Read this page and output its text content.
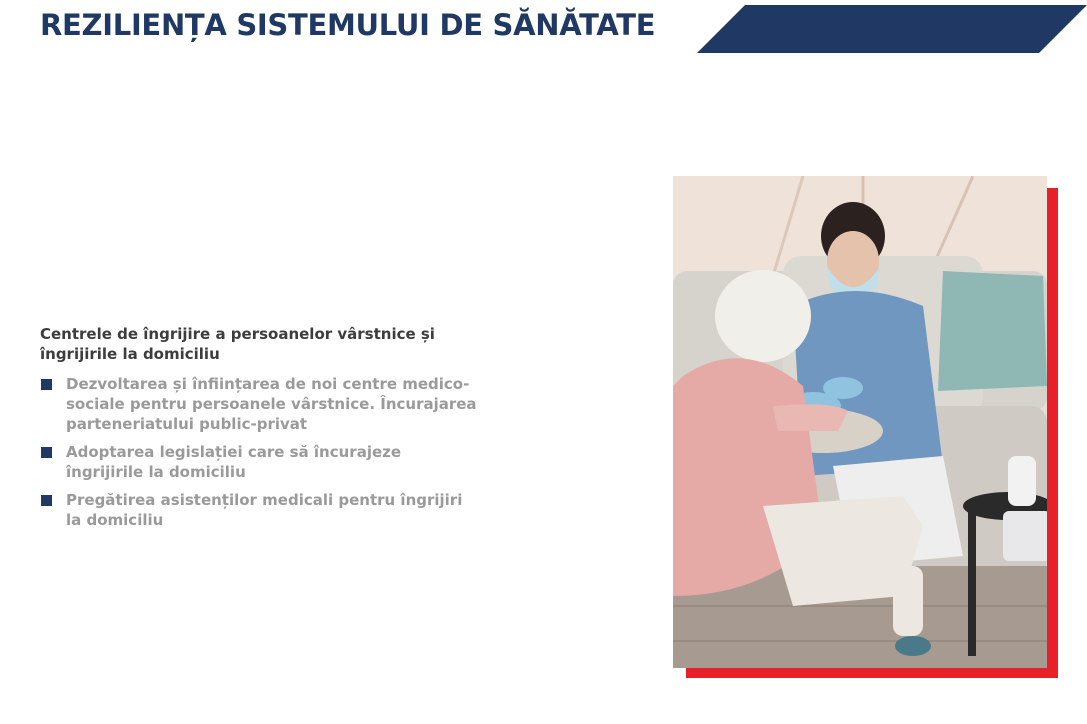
REZILIENȚA SISTEMULUI DE SĂNĂTATE

Centrele de îngrijire a persoanelor vârstnice și îngrijirile la domiciliu

Dezvoltarea și înființarea de noi centre medico-sociale pentru persoanele vârstnice. Încurajarea parteneriatului public-privat
Adoptarea legislației care să încurajeze îngrijirile la domiciliu
Pregătirea asistenților medicali pentru îngrijiri la domiciliu
